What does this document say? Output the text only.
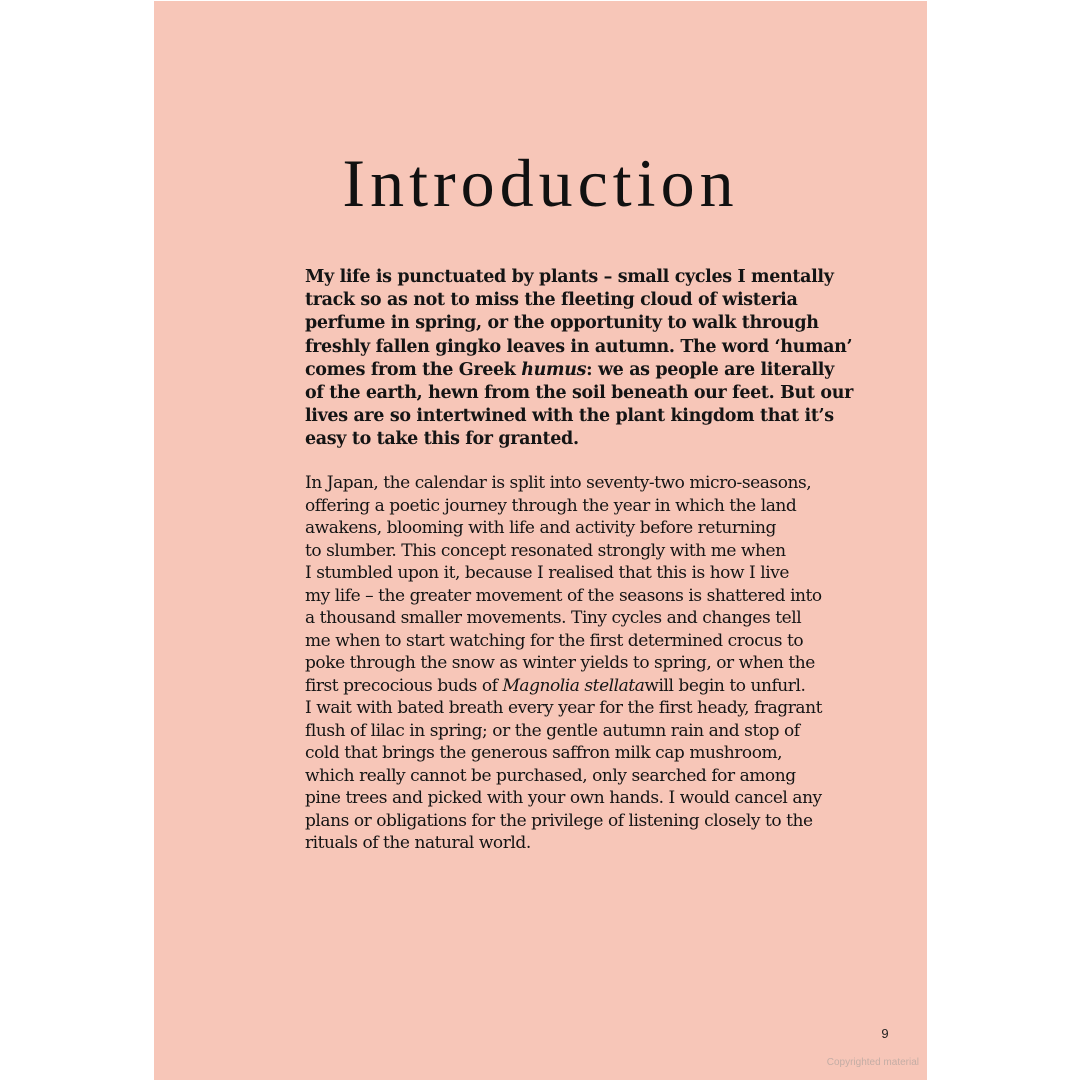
Introduction
My life is punctuated by plants – small cycles I mentally
track so as not to miss the fleeting cloud of wisteria
perfume in spring, or the opportunity to walk through
freshly fallen gingko leaves in autumn. The word ‘human’
comes from the Greek humus: we as people are literally
of the earth, hewn from the soil beneath our feet. But our
lives are so intertwined with the plant kingdom that it’s
easy to take this for granted.
In Japan, the calendar is split into seventy-two micro-seasons,
offering a poetic journey through the year in which the land
awakens, blooming with life and activity before returning
to slumber. This concept resonated strongly with me when
I stumbled upon it, because I realised that this is how I live
my life – the greater movement of the seasons is shattered into
a thousand smaller movements. Tiny cycles and changes tell
me when to start watching for the first determined crocus to
poke through the snow as winter yields to spring, or when the
first precocious buds of Magnolia stellatawill begin to unfurl.
I wait with bated breath every year for the first heady, fragrant
flush of lilac in spring; or the gentle autumn rain and stop of
cold that brings the generous saffron milk cap mushroom,
which really cannot be purchased, only searched for among
pine trees and picked with your own hands. I would cancel any
plans or obligations for the privilege of listening closely to the
rituals of the natural world.
9
Copyrighted material
